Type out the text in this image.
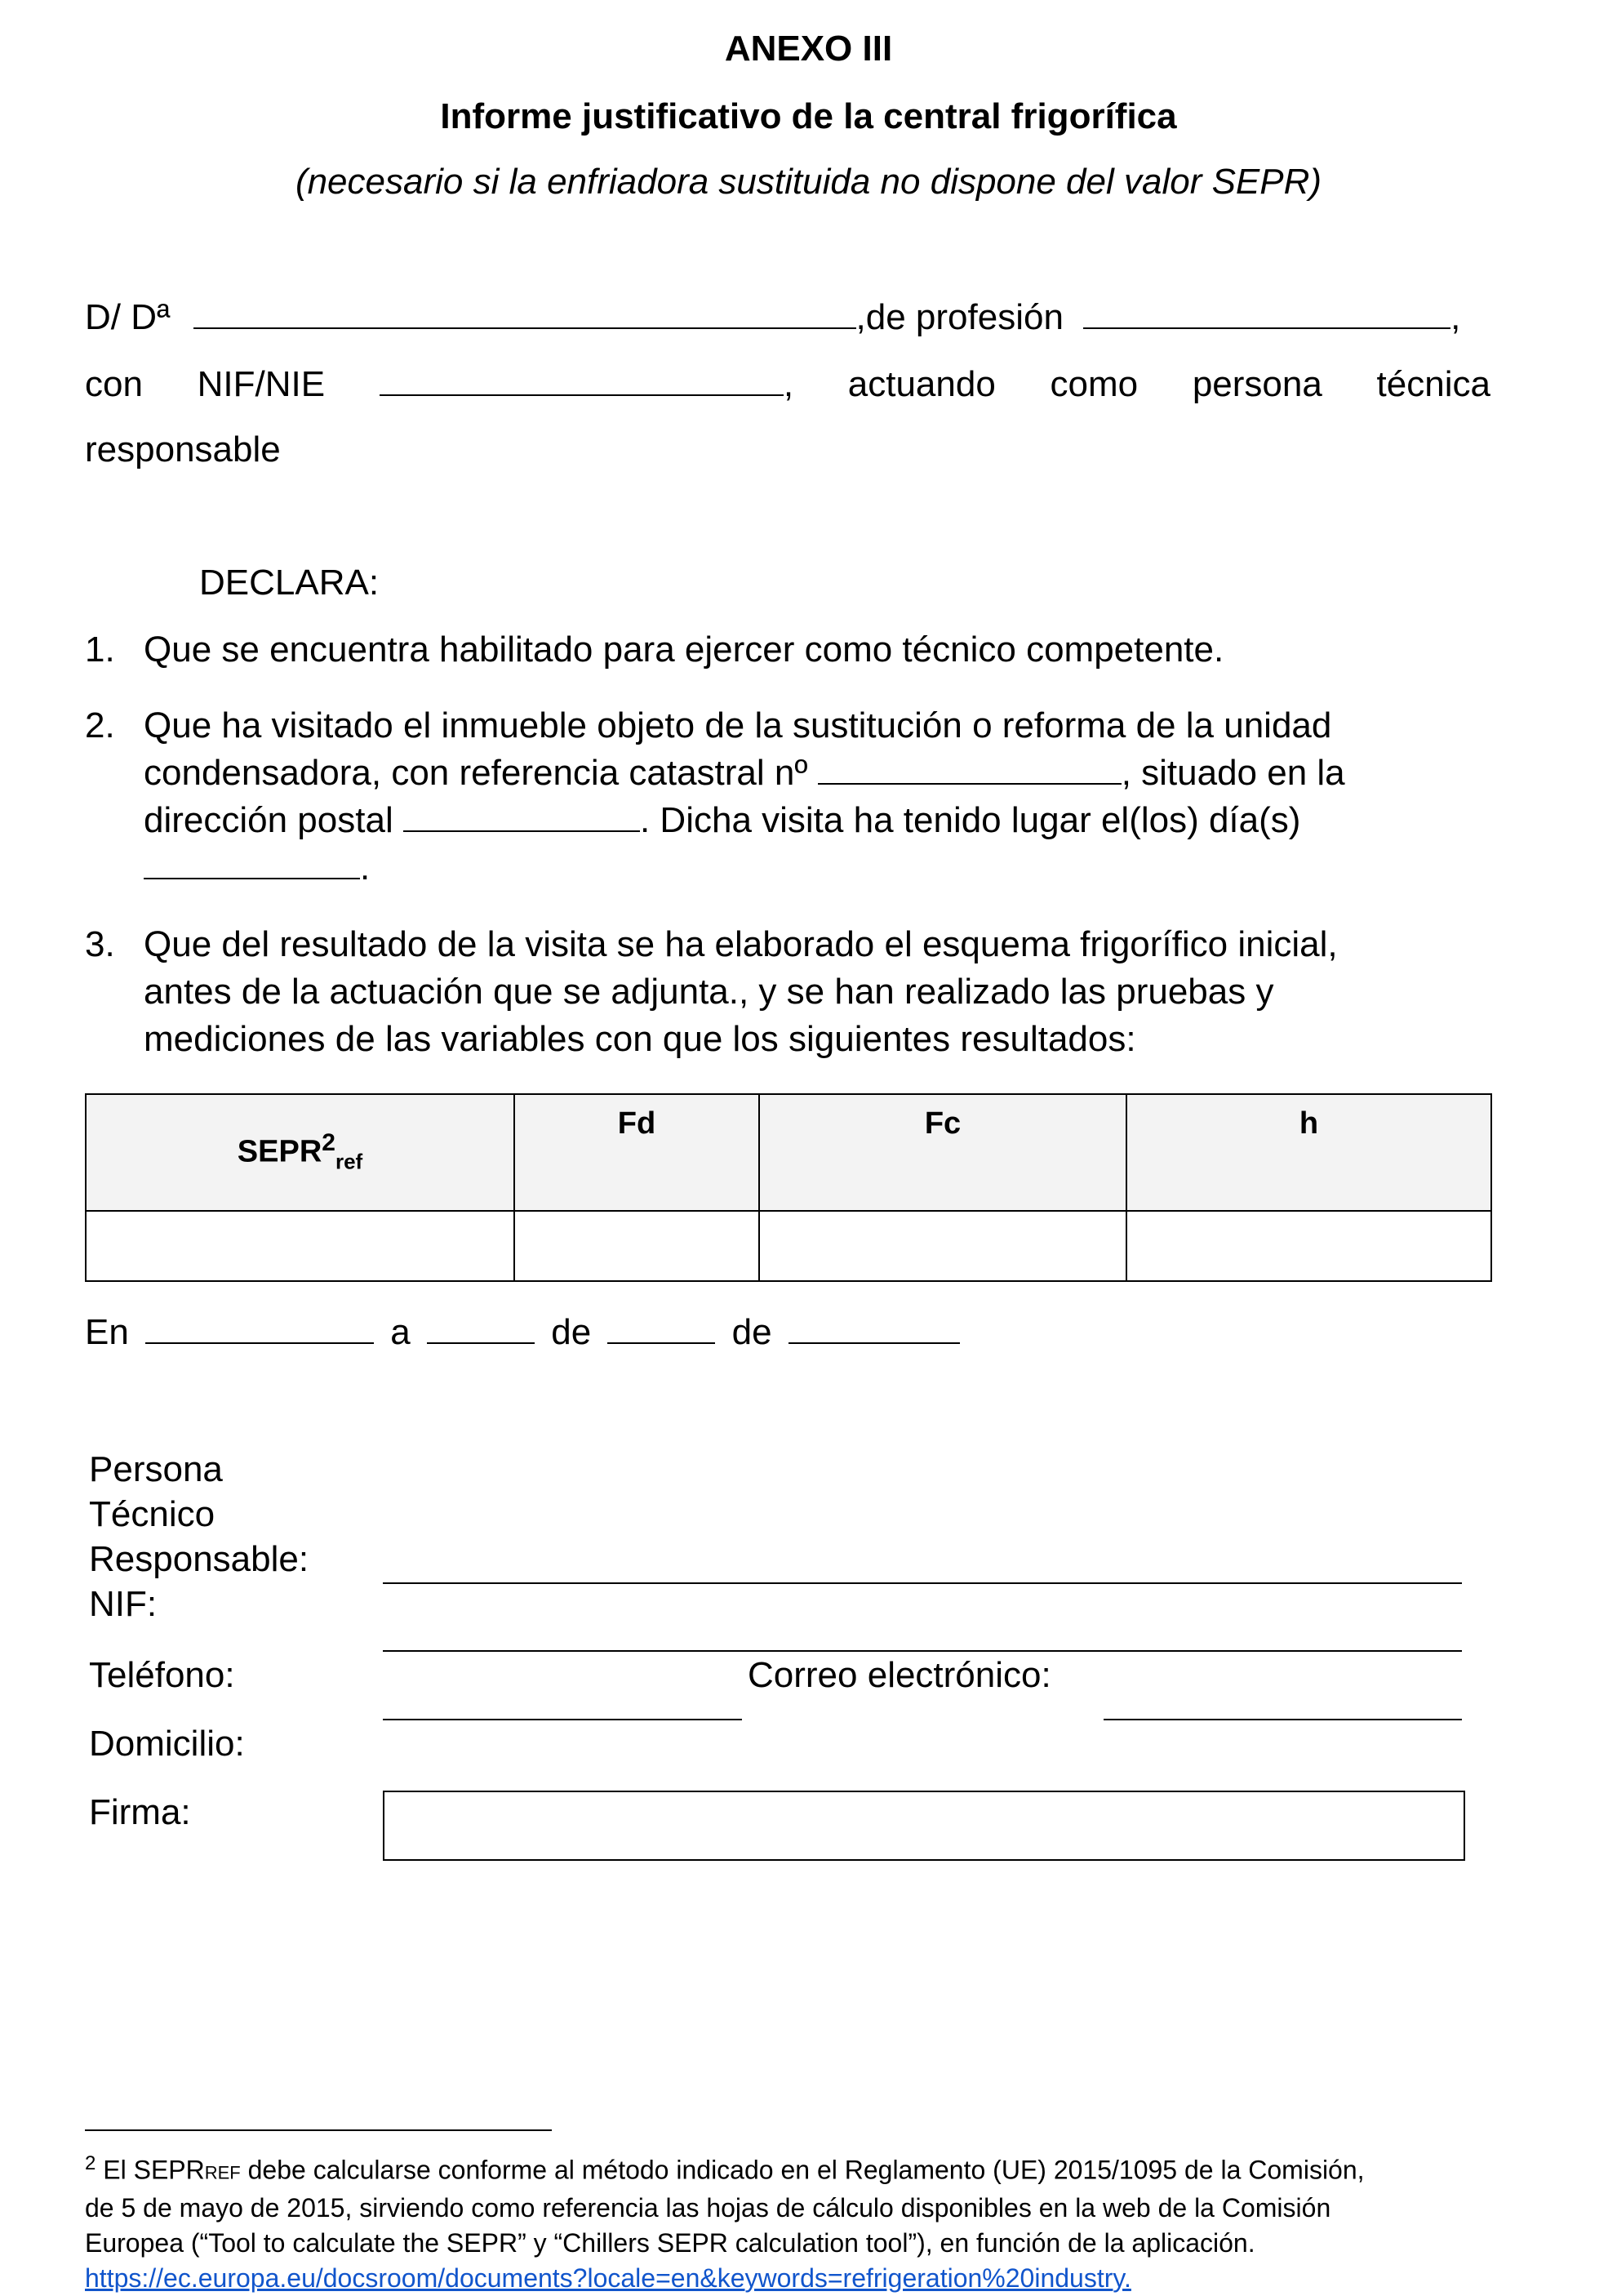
ANEXO III
Informe justificativo de la central frigorífica
(necesario si la enfriadora sustituida no dispone del valor SEPR)
D/ Dª	,de profesión	,
con NIF/NIE	, actuando como persona técnica
responsable
DECLARA:
1. Que se encuentra habilitado para ejercer como técnico competente.
2. Que ha visitado el inmueble objeto de la sustitución o reforma de la unidad
condensadora, con referencia catastral nº	, situado en la
dirección postal	. Dicha visita ha tenido lugar el(los) día(s)
.
3. Que del resultado de la visita se ha elaborado el esquema frigorífico inicial,
antes de la actuación que se adjunta., y se han realizado las pruebas y
mediciones de las variables con que los siguientes resultados:
$SEPR^2_{ref}$	Fd	Fc	h

En	a	de	de
Persona
Técnico
Responsable:
NIF:
Teléfono:	Correo electrónico:
Domicilio:
Firma:
$^2$ El SEPRREF debe calcularse conforme al método indicado en el Reglamento (UE) 2015/1095 de la Comisión,
de 5 de mayo de 2015, sirviendo como referencia las hojas de cálculo disponibles en la web de la Comisión
Europea (“Tool to calculate the SEPR” y “Chillers SEPR calculation tool”), en función de la aplicación.
https://ec.europa.eu/docsroom/documents?locale=en&keywords=refrigeration%20industry.
